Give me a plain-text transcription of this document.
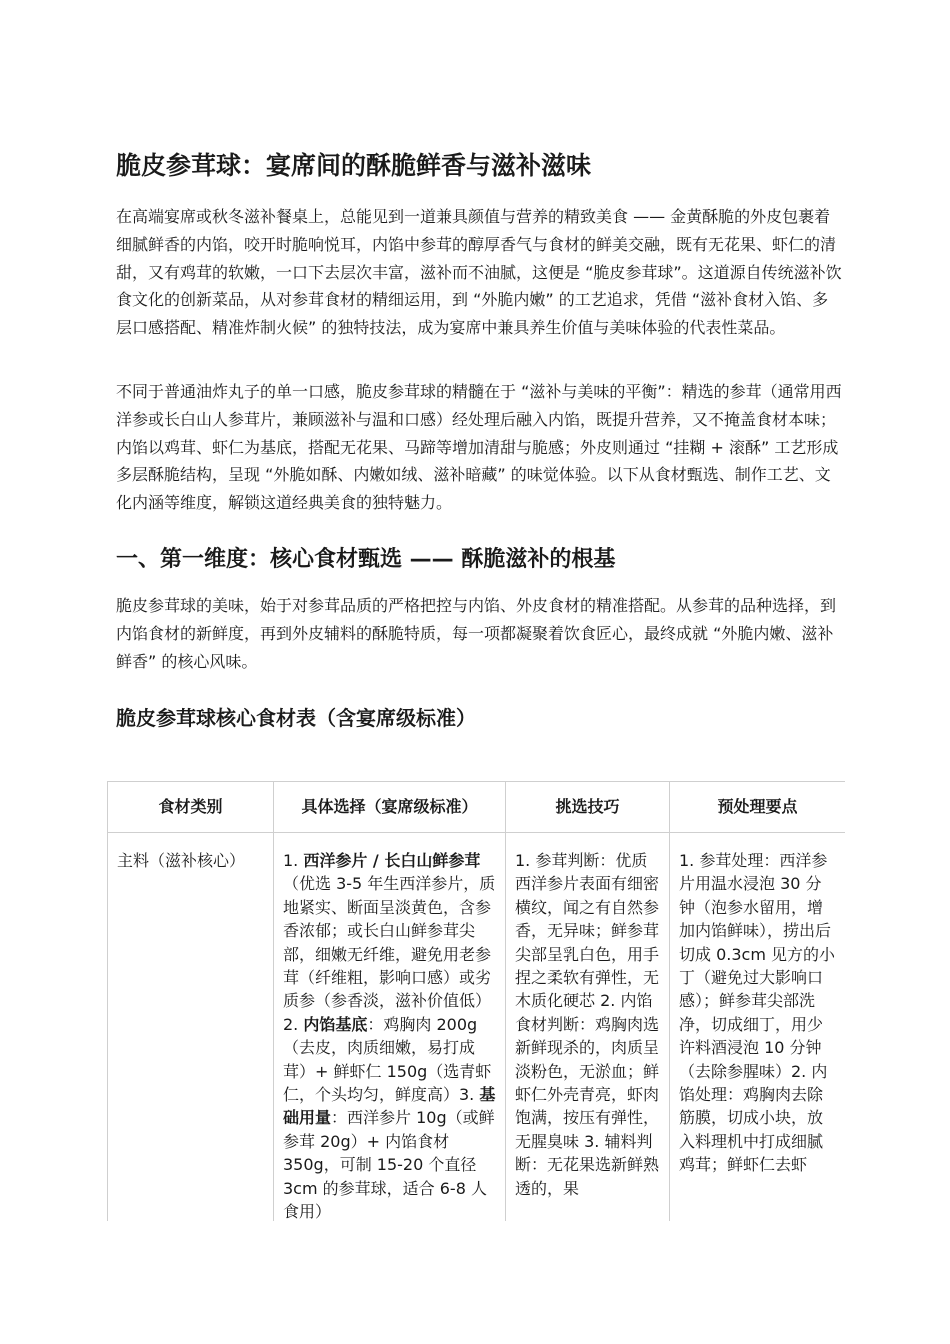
脆皮参茸球：宴席间的酥脆鲜香与滋补滋味

在高端宴席或秋冬滋补餐桌上，总能见到一道兼具颜值与营养的精致美食 —— 金黄酥脆的外皮包裹着细腻鲜香的内馅，咬开时脆响悦耳，内馅中参茸的醇厚香气与食材的鲜美交融，既有无花果、虾仁的清甜，又有鸡茸的软嫩，一口下去层次丰富，滋补而不油腻，这便是 “脆皮参茸球”。这道源自传统滋补饮食文化的创新菜品，从对参茸食材的精细运用，到 “外脆内嫩” 的工艺追求，凭借 “滋补食材入馅、多层口感搭配、精准炸制火候” 的独特技法，成为宴席中兼具养生价值与美味体验的代表性菜品。

不同于普通油炸丸子的单一口感，脆皮参茸球的精髓在于 “滋补与美味的平衡”：精选的参茸（通常用西洋参或长白山人参茸片，兼顾滋补与温和口感）经处理后融入内馅，既提升营养，又不掩盖食材本味；内馅以鸡茸、虾仁为基底，搭配无花果、马蹄等增加清甜与脆感；外皮则通过 “挂糊 + 滚酥” 工艺形成多层酥脆结构，呈现 “外脆如酥、内嫩如绒、滋补暗藏” 的味觉体验。以下从食材甄选、制作工艺、文化内涵等维度，解锁这道经典美食的独特魅力。

一、第一维度：核心食材甄选 —— 酥脆滋补的根基

脆皮参茸球的美味，始于对参茸品质的严格把控与内馅、外皮食材的精准搭配。从参茸的品种选择，到内馅食材的新鲜度，再到外皮辅料的酥脆特质，每一项都凝聚着饮食匠心，最终成就 “外脆内嫩、滋补鲜香” 的核心风味。

脆皮参茸球核心食材表（含宴席级标准）
食材类别	具体选择（宴席级标准）	挑选技巧	预处理要点
主料（滋补核心）	1. 西洋参片 / 长白山鲜参茸（优选 3-5 年生西洋参片，质地紧实、断面呈淡黄色，含参香浓郁；或长白山鲜参茸尖部，细嫩无纤维，避免用老参茸（纤维粗，影响口感）或劣质参（参香淡，滋补价值低）2. 内馅基底：鸡胸肉 200g（去皮，肉质细嫩，易打成茸）+ 鲜虾仁 150g（选青虾仁，个头均匀，鲜度高）3. 基础用量：西洋参片 10g（或鲜参茸 20g）+ 内馅食材 350g，可制 15-20 个直径 3cm 的参茸球，适合 6-8 人食用）	1. 参茸判断：优质西洋参片表面有细密横纹，闻之有自然参香，无异味；鲜参茸尖部呈乳白色，用手捏之柔软有弹性，无木质化硬芯 2. 内馅食材判断：鸡胸肉选新鲜现杀的，肉质呈淡粉色，无淤血；鲜虾仁外壳青亮，虾肉饱满，按压有弹性，无腥臭味 3. 辅料判断：无花果选新鲜熟透的，果	1. 参茸处理：西洋参片用温水浸泡 30 分钟（泡参水留用，增加内馅鲜味），捞出后切成 0.3cm 见方的小丁（避免过大影响口感）；鲜参茸尖部洗净，切成细丁，用少许料酒浸泡 10 分钟（去除参腥味）2. 内馅处理：鸡胸肉去除筋膜，切成小块，放入料理机中打成细腻鸡茸；鲜虾仁去虾
